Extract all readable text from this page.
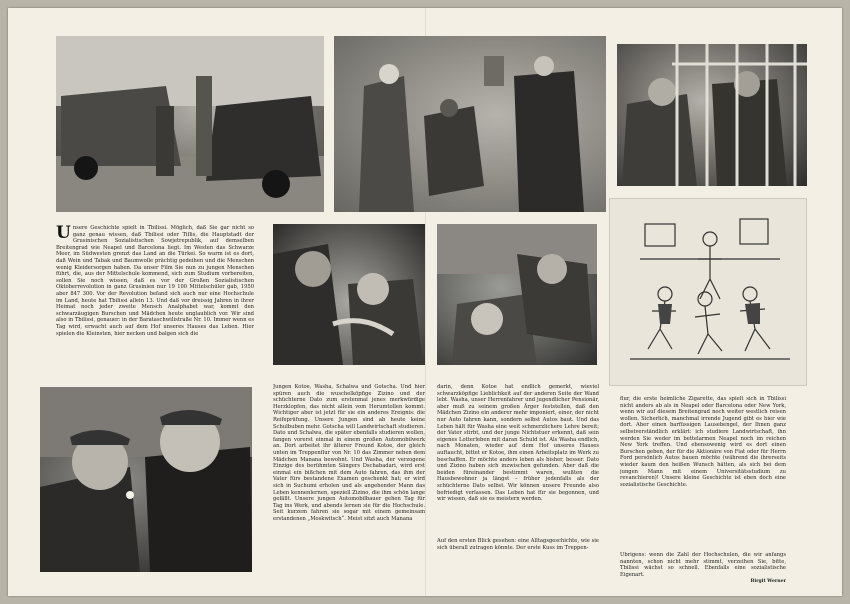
U nsere Geschichte spielt in Tbilissi. Möglich, daß Sie gar nicht so ganz genau wissen, daß Tbilissi oder Tiflis, die Hauptstadt der Grusinischen Sozialistischen Sowjetrepublik, auf demselben Breitengrad wie Neapel und Barcelona liegt. Im Westen das Schwarze Meer, im Südwesten grenzt das Land an die Türkei. So warm ist es dort, daß Wein und Tabak und Baumwolle prächtig gedeihen und die Menschen wenig Kleidersorgen haben. Da unser Film Sie nun zu jungen Menschen führt, die, aus der Mittelschule kommend, sich zum Studium vorbereiten, sollen Sie noch wissen, daß es vor der Großen Sozialistischen Oktoberrevolution in ganz Grusinien nur 19 100 Mittelschüler gab, 1950 aber 847 300. Vor der Revolution befand sich auch nur eine Hochschule im Land, heute hat Tbilissi allein 13. Und daß vor dreissig Jahren in ihrer Heimat noch jeder zweite Mensch Analphabet war, kommt den schwarzäugigen Burschen und Mädchen heute unglaublich vor. Wir sind also in Tbilissi, genauer: in der Barataschwilistraße Nr. 10. Immer wenn es Tag wird, erwacht auch auf dem Hof unseres Hauses das Leben. Hier spielen die Kleinsten, hier necken und balgen sich die

Jungen Kotoe, Washa, Schalwa und Gotscha. Und hier spüren auch die wuschelköpfige Zizino und der schüchterne Dato zum erstenmal jenes merkwürdige Herzklopfen, das nicht allein vom Herumtollen kommt. Wichtiger aber ist jetzt für sie ein anderes Ereignis: die Reifeprüfung. Unsere Jungen sind ab heute keine Schulbuben mehr. Gotscha will Landwirtschaft studieren. Dato und Schalwa, die später ebenfalls studieren wollen, fangen vorerst einmal in einem großen Automobilwerk an. Dort arbeitet ihr älterer Freund Kotoe, der gleich unten im Treppenflur von Nr. 10 das Zimmer neben dem Mädchen Manana bewohnt. Und Washa, der verzogene Einzige des berühmten Sängers Dschabadari, wird erst einmal ein bißchen mit dem Auto fahren, das ihm der Vater fürs bestandene Examen geschenkt hat; er wird sich in Suchumi erholen und als angehender Mann das Leben kennenlernen, speziell Zizino, die ihm schön lange gefällt. Unsere jungen Automobilbauer gehen Tag für Tag ins Werk, und abends lernen sie für die Hochschule. Seit kurzem fahren sie sogar mit einem gemeinsam erstandenen „Moskwitsch“. Meist sitzt auch Manana

darin, denn Kotoe hat endlich gemerkt, wieviel schwarzköpfige Lieblichkeit auf der anderen Seite der Wand lebt. Washa, unser Herrenfahrer und jugendlicher Pensionär, aber muß zu seinem großen Ärger feststellen, daß den Mädchen Zizino ein anderer mehr imponiert, einer, der nicht nur Auto fahren kann, sondern selbst Autos baut. Und das Leben hält für Washa eine weit schmerzlichere Lehre bereit; der Vater stirbt, und der junge Nichtstuer erkennt, daß sein eigenes Lotterleben mit daran Schuld ist. Als Washa endlich, nach Monaten, wieder auf dem Hof unseres Hauses auftaucht, bittet er Kotoe, ihm einen Arbeitsplatz im Werk zu beschaffen. Er möchte anders leben als bisher, besser. Dato und Zizino haben sich inzwischen gefunden. Aber daß die beiden füreinander bestimmt waren, wußten die Hausbewohner ja längst – früher jedenfalls als der schüchterne Dato selbst. Wir können unsere Freunde also befriedigt verlassen. Das Leben hat für sie begonnen, und wir wissen, daß sie es meistern werden.

Auf den ersten Blick gesehen: eine Alltagsgeschichte, wie sie sich überall zutragen könnte. Der erste Kuss im Treppen-

flur, die erste heimliche Zigarette, das spielt sich in Tbilissi nicht anders ab als in Neapel oder Barcelona oder New York, wenn wir auf diesem Breitengrad noch weiter westlich reisen wollen. Sicherlich, manchmal irrende Jugend gibt es hier wie dort. Aber einen barfüssigen Lausebengel, der Ihnen ganz selbstverständlich erklärt: ich studiere Landwirtschaft, ihn werden Sie weder im bettelarmen Neapel noch im reichen New York treffen. Und ebensowenig wird es dort einen Burschen geben, der für die Aktionäre von Fiat oder für Herrn Ford persönlich Autos bauen möchte (während die ihrerseits wieder kaum den heißen Wunsch hätten, als sich bei dem jungen Mann mit einem Universitätsstudium zu revanchieren)! Unsere kleine Geschichte ist eben doch eine sozialistische Geschichte.

Übrigens: wenn die Zahl der Hochschulen, die wir anfangs nannten, schon nicht mehr stimmt, verzeihen Sie, bitte, Tbilissi wächst so schnell. Ebenfalls eine sozialistische Eigenart.

Birgit Werner
